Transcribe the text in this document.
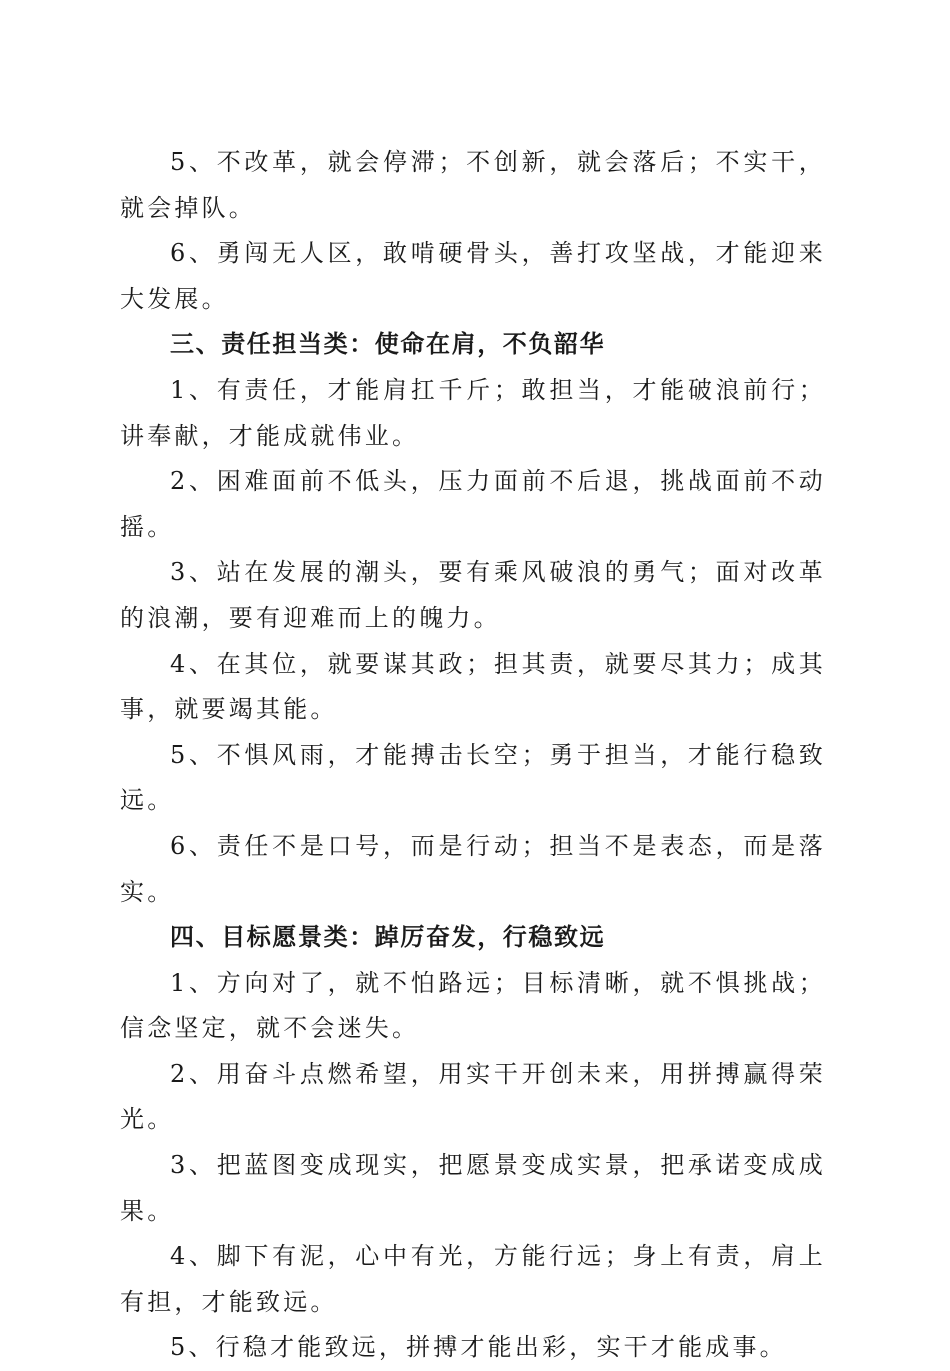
5、不改革，就会停滞；不创新，就会落后；不实干，就会掉队。

6、勇闯无人区，敢啃硬骨头，善打攻坚战，才能迎来大发展。

三、责任担当类：使命在肩，不负韶华

1、有责任，才能肩扛千斤；敢担当，才能破浪前行；讲奉献，才能成就伟业。

2、困难面前不低头，压力面前不后退，挑战面前不动摇。

3、站在发展的潮头，要有乘风破浪的勇气；面对改革的浪潮，要有迎难而上的魄力。

4、在其位，就要谋其政；担其责，就要尽其力；成其事，就要竭其能。

5、不惧风雨，才能搏击长空；勇于担当，才能行稳致远。

6、责任不是口号，而是行动；担当不是表态，而是落实。

四、目标愿景类：踔厉奋发，行稳致远

1、方向对了，就不怕路远；目标清晰，就不惧挑战；信念坚定，就不会迷失。

2、用奋斗点燃希望，用实干开创未来，用拼搏赢得荣光。

3、把蓝图变成现实，把愿景变成实景，把承诺变成成果。

4、脚下有泥，心中有光，方能行远；身上有责，肩上有担，才能致远。

5、行稳才能致远，拼搏才能出彩，实干才能成事。
